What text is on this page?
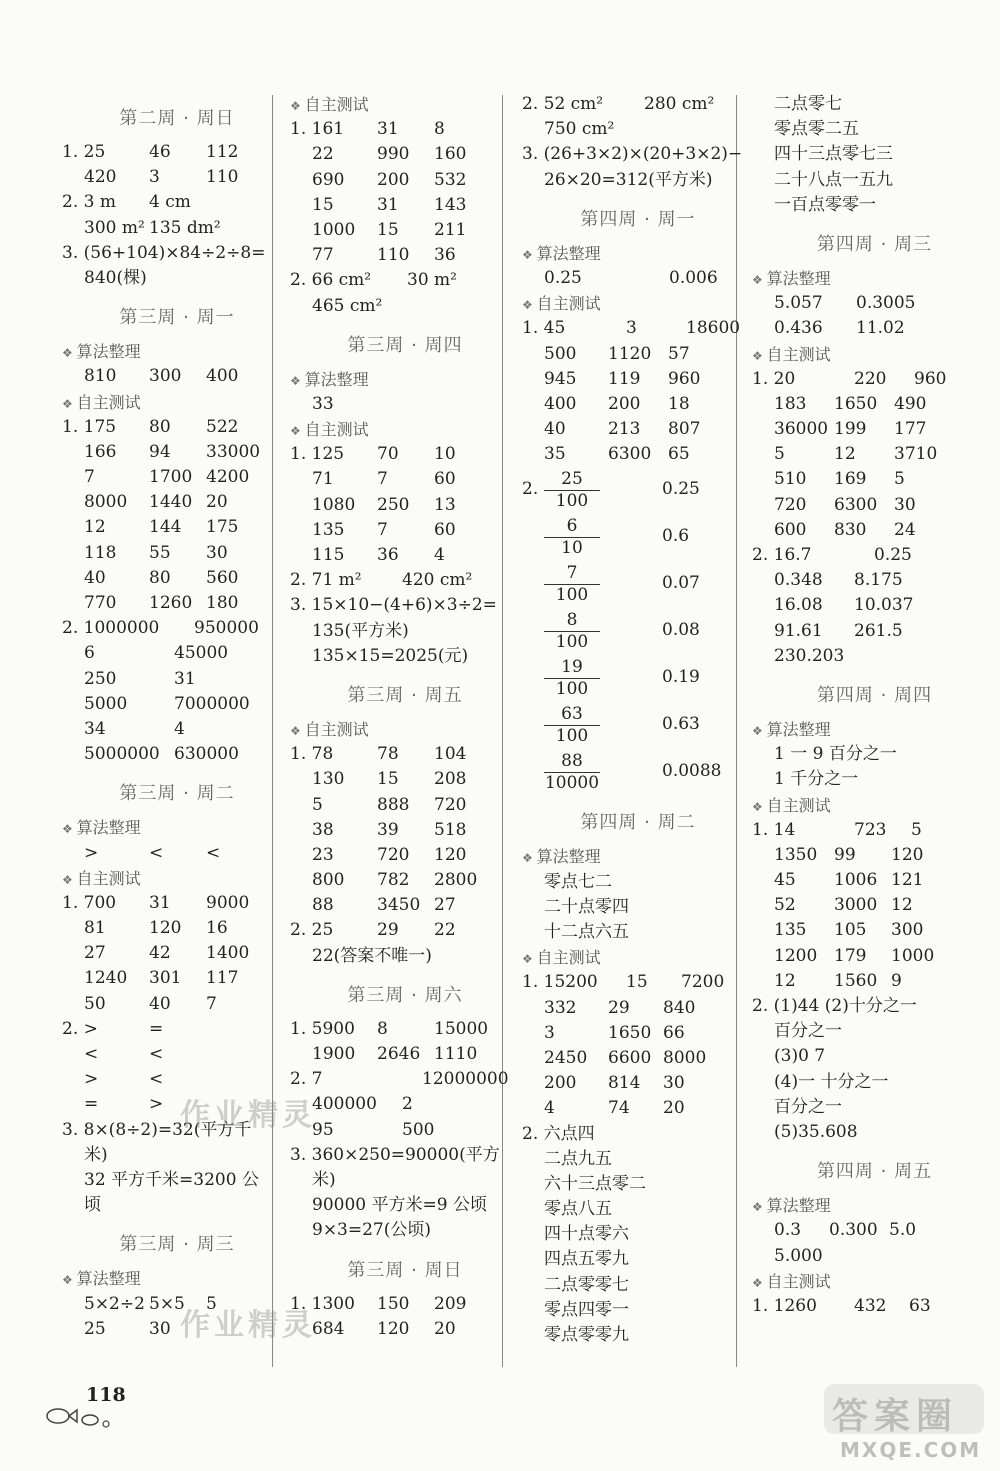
第二周 · 周日
1. 25	46 112
420 3	110
2. 3 m 4 cm
300 m² 135 dm²
3. (56+104)×84÷2÷8=
840(棵)
第三周 · 周一
❖ 算法整理
810 300 400
❖ 自主测试
1. 175 80 522
166 94 33000
7	1700 4200
8000 1440 20
12	144 175
118 55 30
40	80 560
770 1260 180
2. 1000000 950000
6	45000
250	31
5000	7000000
34	4
5000000 630000
第三周 · 周二
❖ 算法整理
>	<	<
❖ 自主测试
1. 700 31 9000
81	120 16
27	42 1400
1240 301 117
50	40 7
2. >	=
<	<
>	<
=	>
3. 8×(8÷2)=32(平方千
米)
32 平方千米=3200 公
顷
第三周 · 周三
❖ 算法整理
5×2÷2 5×5 5
25	30
❖ 自主测试
1. 161 31 8
22	990 160
690 200 532
15	31 143
1000 15 211
77	110 36
2. 66 cm² 30 m²
465 cm²
第三周 · 周四
❖ 算法整理
33
❖ 自主测试
1. 125 70 10
71	7	60
1080 250 13
135 7	60
115 36 4
2. 71 m² 420 cm²
3. 15×10−(4+6)×3÷2=
135(平方米)
135×15=2025(元)
第三周 · 周五
❖ 自主测试
1. 78	78 104
130 15 208
5	888 720
38	39 518
23	720 120
800 782 2800
88	3450 27
2. 25	29 22
22(答案不唯一)
第三周 · 周六
1. 5900 8	15000
1900 2646 1110
2. 7	12000000
400000 2
95	500
3. 360×250=90000(平方
米)
90000 平方米=9 公顷
9×3=27(公顷)
第三周 · 周日
1. 1300 150 209
684 120 20
2. 52 cm² 280 cm²
750 cm²
3. (26+3×2)×(20+3×2)−
26×20=312(平方米)
第四周 · 周一
❖ 算法整理
0.25	0.006
❖ 自主测试
1. 45	3	18600
500 1120 57
945 119 960
400 200 18
40 213 807
35 6300 65
2.	25
100
0.25
6
10
0.6
7
100
0.07
8
100
0.08
19
100
0.19
63
100
0.63
88
10000
0.0088
第四周 · 周二
❖ 算法整理
零点七二
二十点零四
十二点六五
❖ 自主测试
1. 15200 15 7200
332 29 840
3	1650 66
2450 6600 8000
200 814 30
4	74 20
2. 六点四
二点九五
六十三点零二
零点八五
四十点零六
四点五零九
二点零零七
零点四零一
零点零零九
二点零七
零点零二五
四十三点零七三
二十八点一五九
一百点零零一
第四周 · 周三
❖ 算法整理
5.057 0.3005
0.436 11.02
❖ 自主测试
1. 20	220 960
183 1650 490
36000 199 177
5	12 3710
510 169 5
720 6300 30
600 830 24
2. 16.7	0.25
0.348 8.175
16.08 10.037
91.61 261.5
230.203
第四周 · 周四
❖ 算法整理
1 一 9 百分之一
1 千分之一
❖ 自主测试
1. 14	723 5
1350 99 120
45 1006 121
52 3000 12
135 105 300
1200 179 1000
12 1560 9
2. (1)44 (2)十分之一
百分之一
(3)0 7
(4)一 十分之一
百分之一
(5)35.608
第四周 · 周五
❖ 算法整理
0.3 0.300 5.0
5.000
❖ 自主测试
1. 1260 432 63
作业精灵
作业精灵
118
答案圈
MXQE.COM
